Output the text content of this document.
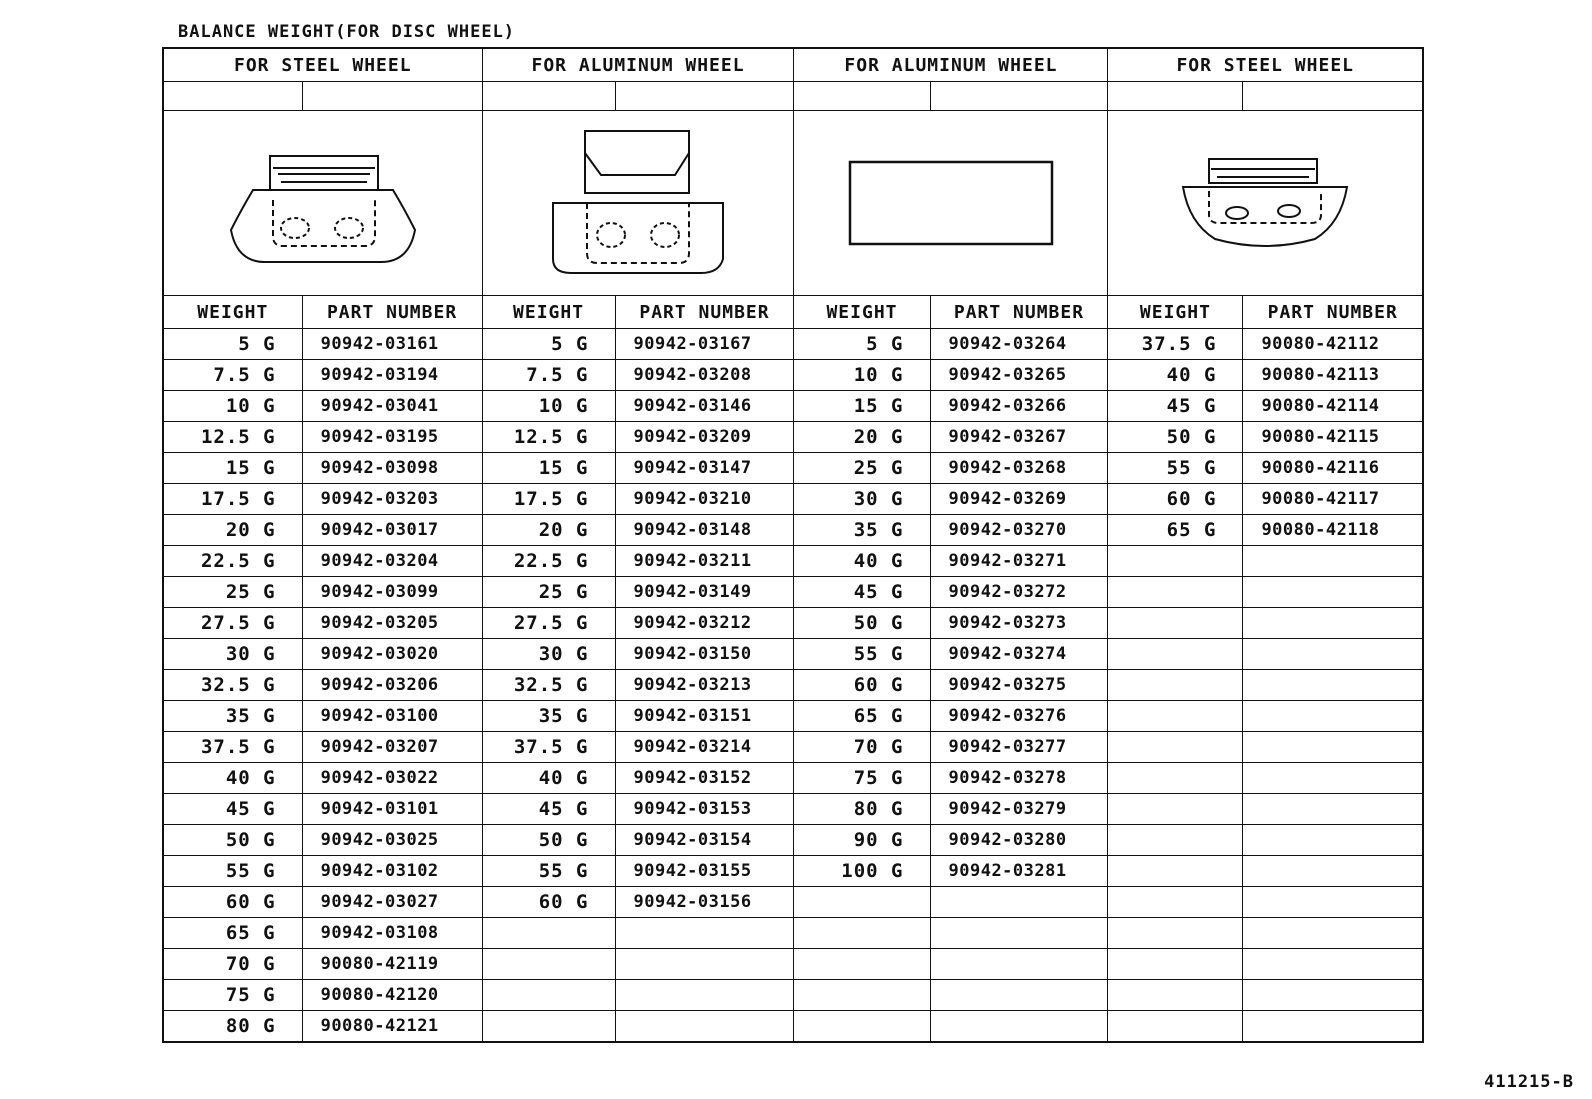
BALANCE WEIGHT(FOR DISC WHEEL)
FOR STEEL WHEEL		FOR ALUMINUM WHEEL		FOR ALUMINUM WHEEL		FOR STEEL WHEEL	

WEIGHT	PART NUMBER	WEIGHT	PART NUMBER	WEIGHT	PART NUMBER	WEIGHT	PART NUMBER
5 G	90942-03161	5 G	90942-03167	5 G	90942-03264	37.5 G	90080-42112
7.5 G	90942-03194	7.5 G	90942-03208	10 G	90942-03265	40 G	90080-42113
10 G	90942-03041	10 G	90942-03146	15 G	90942-03266	45 G	90080-42114
12.5 G	90942-03195	12.5 G	90942-03209	20 G	90942-03267	50 G	90080-42115
15 G	90942-03098	15 G	90942-03147	25 G	90942-03268	55 G	90080-42116
17.5 G	90942-03203	17.5 G	90942-03210	30 G	90942-03269	60 G	90080-42117
20 G	90942-03017	20 G	90942-03148	35 G	90942-03270	65 G	90080-42118
22.5 G	90942-03204	22.5 G	90942-03211	40 G	90942-03271		
25 G	90942-03099	25 G	90942-03149	45 G	90942-03272		
27.5 G	90942-03205	27.5 G	90942-03212	50 G	90942-03273		
30 G	90942-03020	30 G	90942-03150	55 G	90942-03274		
32.5 G	90942-03206	32.5 G	90942-03213	60 G	90942-03275		
35 G	90942-03100	35 G	90942-03151	65 G	90942-03276		
37.5 G	90942-03207	37.5 G	90942-03214	70 G	90942-03277		
40 G	90942-03022	40 G	90942-03152	75 G	90942-03278		
45 G	90942-03101	45 G	90942-03153	80 G	90942-03279		
50 G	90942-03025	50 G	90942-03154	90 G	90942-03280		
55 G	90942-03102	55 G	90942-03155	100 G	90942-03281		
60 G	90942-03027	60 G	90942-03156				
65 G	90942-03108						
70 G	90080-42119						
75 G	90080-42120						
80 G	90080-42121						
411215-B
